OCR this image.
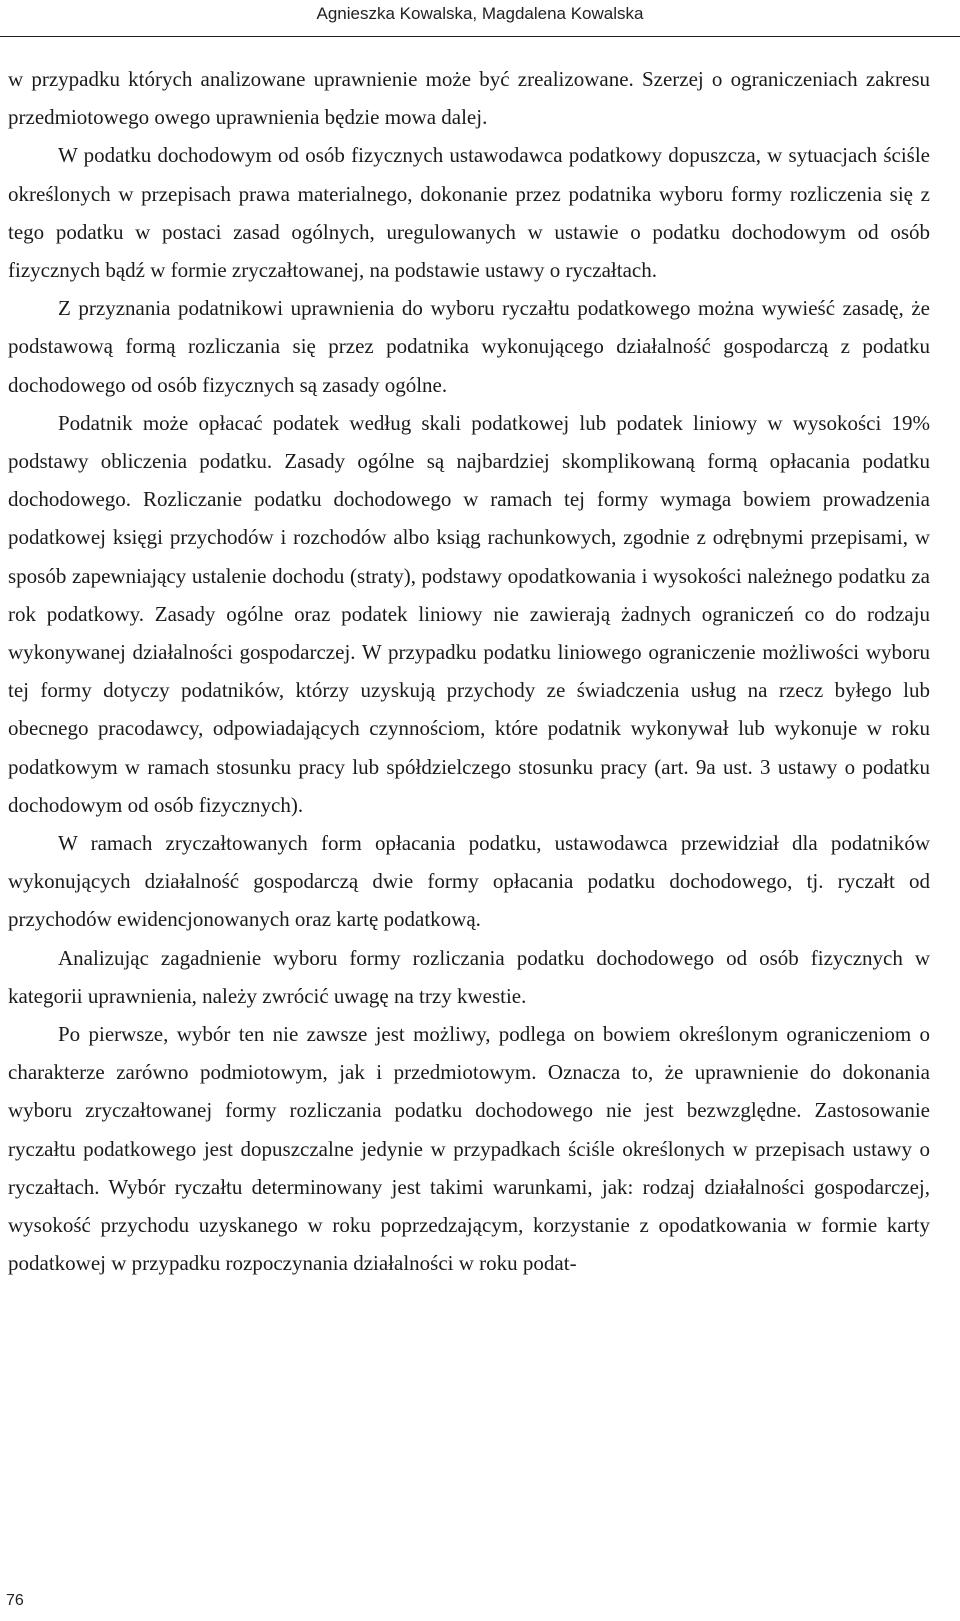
Agnieszka Kowalska, Magdalena Kowalska

w przypadku których analizowane uprawnienie może być zrealizowane. Szerzej o ograniczeniach zakresu przedmiotowego owego uprawnienia będzie mowa dalej.

W podatku dochodowym od osób fizycznych ustawodawca podatkowy dopuszcza, w sytuacjach ściśle określonych w przepisach prawa materialnego, dokonanie przez podatnika wyboru formy rozliczenia się z tego podatku w postaci zasad ogólnych, uregulowanych w ustawie o podatku dochodowym od osób fizycznych bądź w formie zryczałtowanej, na podstawie ustawy o ryczałtach.

Z przyznania podatnikowi uprawnienia do wyboru ryczałtu podatkowego można wywieść zasadę, że podstawową formą rozliczania się przez podatnika wykonującego działalność gospodarczą z podatku dochodowego od osób fizycznych są zasady ogólne.

Podatnik może opłacać podatek według skali podatkowej lub podatek liniowy w wysokości 19% podstawy obliczenia podatku. Zasady ogólne są najbardziej skomplikowaną formą opłacania podatku dochodowego. Rozliczanie podatku dochodowego w ramach tej formy wymaga bowiem prowadzenia podatkowej księgi przychodów i rozchodów albo ksiąg rachunkowych, zgodnie z odrębnymi przepisami, w sposób zapewniający ustalenie dochodu (straty), podstawy opodatkowania i wysokości należnego podatku za rok podatkowy. Zasady ogólne oraz podatek liniowy nie zawierają żadnych ograniczeń co do rodzaju wykonywanej działalności gospodarczej. W przypadku podatku liniowego ograniczenie możliwości wyboru tej formy dotyczy podatników, którzy uzyskują przychody ze świadczenia usług na rzecz byłego lub obecnego pracodawcy, odpowiadających czynnościom, które podatnik wykonywał lub wykonuje w roku podatkowym w ramach stosunku pracy lub spółdzielczego stosunku pracy (art. 9a ust. 3 ustawy o podatku dochodowym od osób fizycznych).

W ramach zryczałtowanych form opłacania podatku, ustawodawca przewidział dla podatników wykonujących działalność gospodarczą dwie formy opłacania podatku dochodowego, tj. ryczałt od przychodów ewidencjonowanych oraz kartę podatkową.

Analizując zagadnienie wyboru formy rozliczania podatku dochodowego od osób fizycznych w kategorii uprawnienia, należy zwrócić uwagę na trzy kwestie.

Po pierwsze, wybór ten nie zawsze jest możliwy, podlega on bowiem określonym ograniczeniom o charakterze zarówno podmiotowym, jak i przedmiotowym. Oznacza to, że uprawnienie do dokonania wyboru zryczałtowanej formy rozliczania podatku dochodowego nie jest bezwzględne. Zastosowanie ryczałtu podatkowego jest dopuszczalne jedynie w przypadkach ściśle określonych w przepisach ustawy o ryczałtach. Wybór ryczałtu determinowany jest takimi warunkami, jak: rodzaj działalności gospodarczej, wysokość przychodu uzyskanego w roku poprzedzającym, korzystanie z opodatkowania w formie karty podatkowej w przypadku rozpoczynania działalności w roku podat-

76
